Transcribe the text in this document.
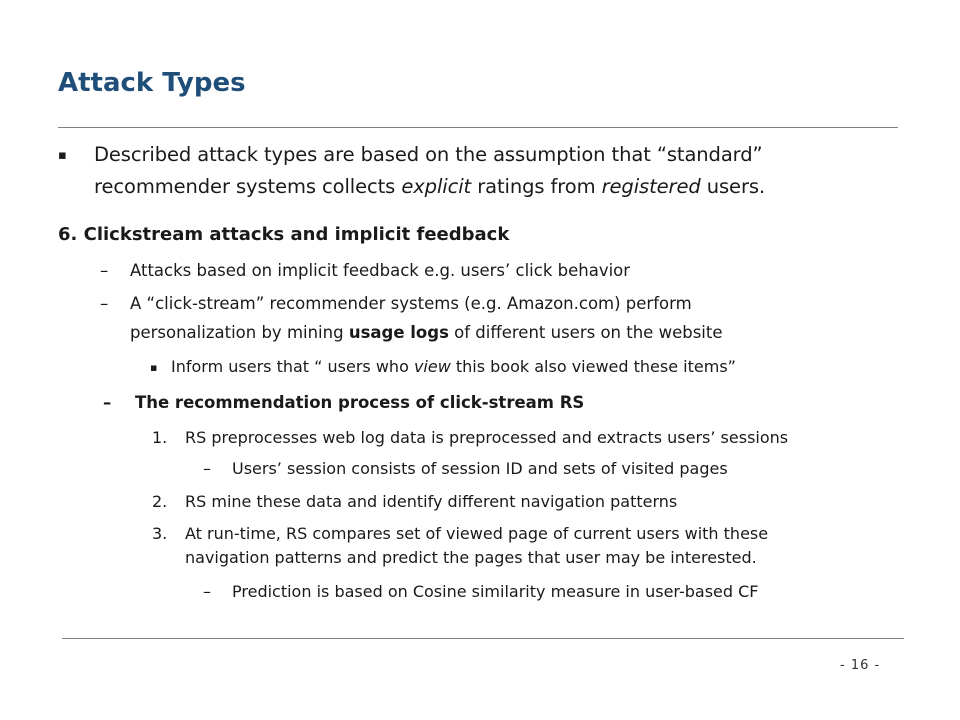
Attack Types
▪ Described attack types are based on the assumption that “standard”
recommender systems collects explicit ratings from registered users.
6. Clickstream attacks and implicit feedback
– Attacks based on implicit feedback e.g. users’ click behavior
– A “click-stream” recommender systems (e.g. Amazon.com) perform
personalization by mining usage logs of different users on the website
▪ Inform users that “ users who view this book also viewed these items”
– The recommendation process of click-stream RS
1. RS preprocesses web log data is preprocessed and extracts users’ sessions
– Users’ session consists of session ID and sets of visited pages
2. RS mine these data and identify different navigation patterns
3. At run-time, RS compares set of viewed page of current users with these
navigation patterns and predict the pages that user may be interested.
– Prediction is based on Cosine similarity measure in user-based CF
- 16 -
